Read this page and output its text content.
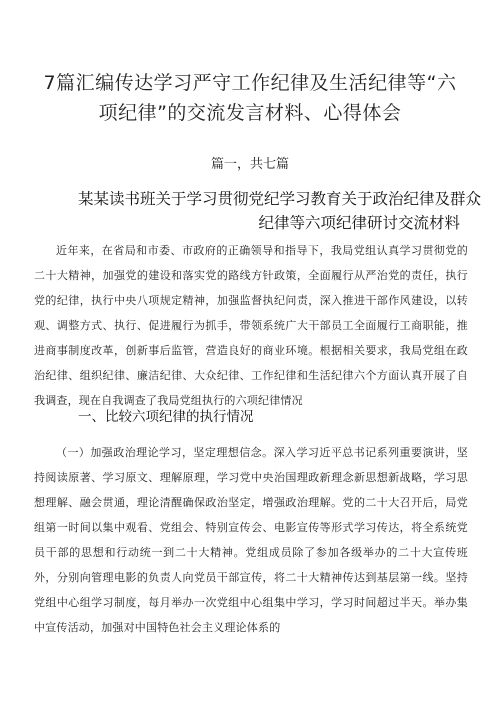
7篇汇编传达学习严守工作纪律及生活纪律等“六项纪律”的交流发言材料、心得体会
篇一，共七篇
某某读书班关于学习贯彻党纪学习教育关于政治纪律及群众
纪律等六项纪律研讨交流材料

近年来，在省局和市委、市政府的正确领导和指导下，我局党组认真学习贯彻党的二十大精神，加强党的建设和落实党的路线方针政策，全面履行从严治党的责任，执行党的纪律，执行中央八项规定精神，加强监督执纪问责，深入推进干部作风建设，以转观、调整方式、执行、促进履行为抓手，带领系统广大干部员工全面履行工商职能，推进商事制度改革，创新事后监管，营造良好的商业环境。根据相关要求，我局党组在政治纪律、组织纪律、廉洁纪律、大众纪律、工作纪律和生活纪律六个方面认真开展了自我调查，现在自我调查了我局党组执行的六项纪律情况

一、比较六项纪律的执行情况

（一）加强政治理论学习，坚定理想信念。深入学习近平总书记系列重要演讲，坚持阅读原著、学习原文、理解原理，学习党中央治国理政新理念新思想新战略，学习思想理解、融会贯通，理论清醒确保政治坚定，增强政治理解。党的二十大召开后，局党组第一时间以集中观看、党组会、特别宣传会、电影宣传等形式学习传达，将全系统党员干部的思想和行动统一到二十大精神。党组成员除了参加各级举办的二十大宣传班外，分别向管理电影的负责人向党员干部宣传，将二十大精神传达到基层第一线。坚持党组中心组学习制度，每月举办一次党组中心组集中学习，学习时间超过半天。举办集中宣传活动，加强对中国特色社会主义理论体系的
